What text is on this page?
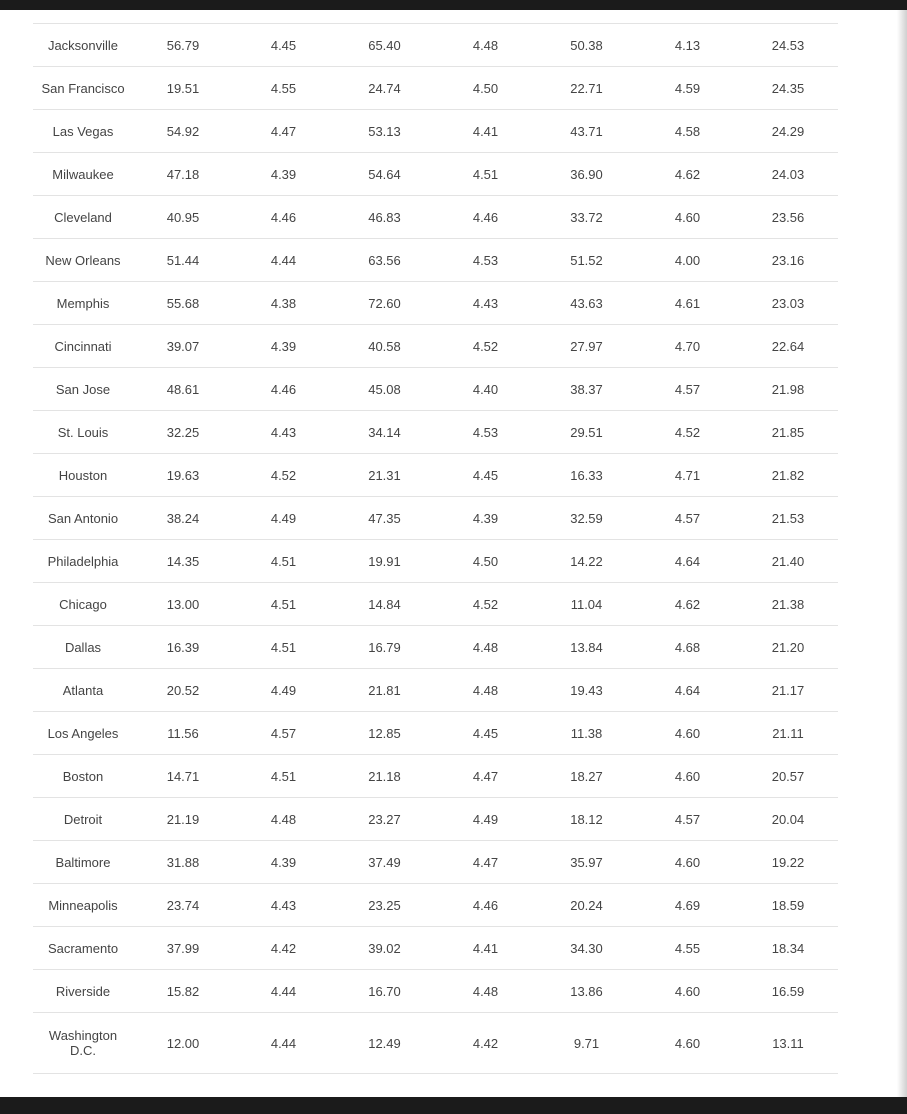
Jacksonville	56.79	4.45	65.40	4.48	50.38	4.13	24.53
San Francisco	19.51	4.55	24.74	4.50	22.71	4.59	24.35
Las Vegas	54.92	4.47	53.13	4.41	43.71	4.58	24.29
Milwaukee	47.18	4.39	54.64	4.51	36.90	4.62	24.03
Cleveland	40.95	4.46	46.83	4.46	33.72	4.60	23.56
New Orleans	51.44	4.44	63.56	4.53	51.52	4.00	23.16
Memphis	55.68	4.38	72.60	4.43	43.63	4.61	23.03
Cincinnati	39.07	4.39	40.58	4.52	27.97	4.70	22.64
San Jose	48.61	4.46	45.08	4.40	38.37	4.57	21.98
St. Louis	32.25	4.43	34.14	4.53	29.51	4.52	21.85
Houston	19.63	4.52	21.31	4.45	16.33	4.71	21.82
San Antonio	38.24	4.49	47.35	4.39	32.59	4.57	21.53
Philadelphia	14.35	4.51	19.91	4.50	14.22	4.64	21.40
Chicago	13.00	4.51	14.84	4.52	11.04	4.62	21.38
Dallas	16.39	4.51	16.79	4.48	13.84	4.68	21.20
Atlanta	20.52	4.49	21.81	4.48	19.43	4.64	21.17
Los Angeles	11.56	4.57	12.85	4.45	11.38	4.60	21.11
Boston	14.71	4.51	21.18	4.47	18.27	4.60	20.57
Detroit	21.19	4.48	23.27	4.49	18.12	4.57	20.04
Baltimore	31.88	4.39	37.49	4.47	35.97	4.60	19.22
Minneapolis	23.74	4.43	23.25	4.46	20.24	4.69	18.59
Sacramento	37.99	4.42	39.02	4.41	34.30	4.55	18.34
Riverside	15.82	4.44	16.70	4.48	13.86	4.60	16.59
Washington D.C.	12.00	4.44	12.49	4.42	9.71	4.60	13.11
